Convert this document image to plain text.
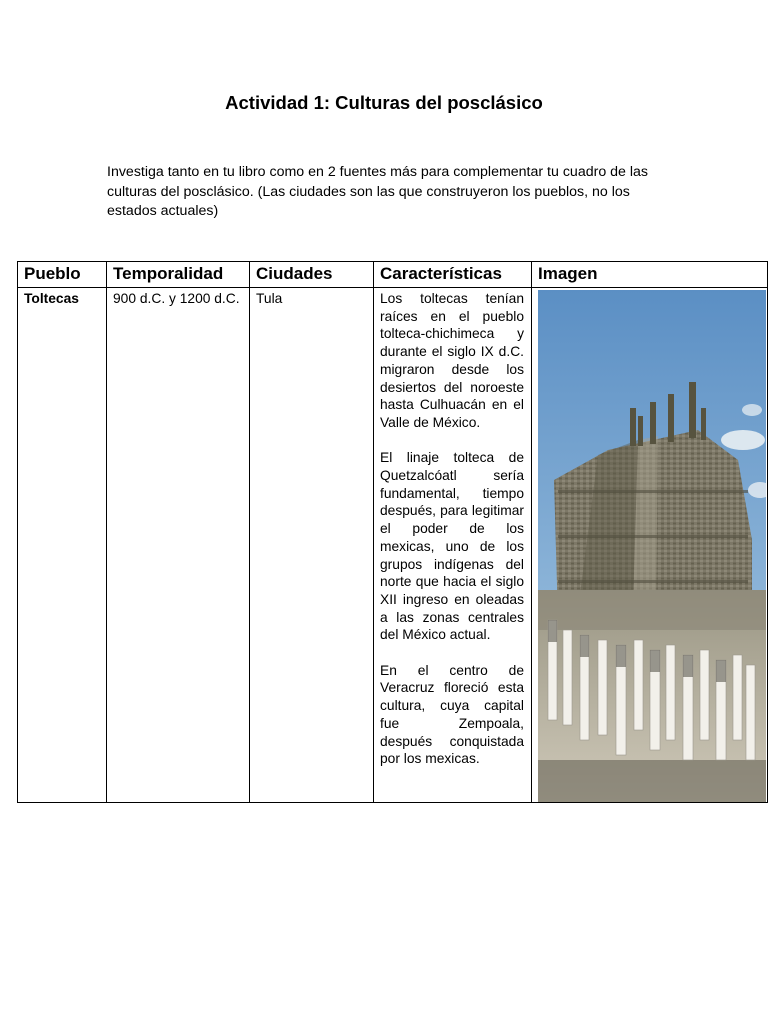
Actividad 1: Culturas del posclásico
Investiga tanto en tu libro como en 2 fuentes más para complementar tu cuadro de las culturas del posclásico. (Las ciudades son las que construyeron los pueblos, no los estados actuales)
Pueblo	Temporalidad	Ciudades	Características	Imagen
Toltecas	900 d.C. y 1200 d.C.	Tula	Los toltecas tenían raíces en el pueblo tolteca-chichimeca y durante el siglo IX d.C. migraron desde los desiertos del noroeste hasta Culhuacán en el Valle de México.

El linaje tolteca de Quetzalcóatl sería fundamental, tiempo después, para legitimar el poder de los mexicas, uno de los grupos indígenas del norte que hacia el siglo XII ingreso en oleadas a las zonas centrales del México actual.

En el centro de Veracruz floreció esta cultura, cuya capital fue Zempoala, después conquistada por los mexicas.
